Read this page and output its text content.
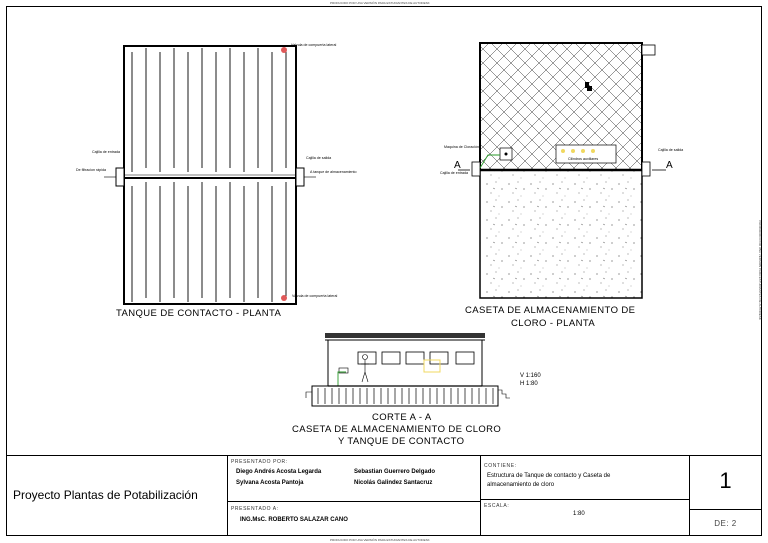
PRODUCIDO POR UNA VERSIÓN PARA ESTUDIANTES DE AUTODESK
PRODUCIDO POR UNA VERSIÓN PARA ESTUDIANTES DE AUTODESK
PRODUCIDO POR UNA VERSIÓN PARA ESTUDIANTES DE AUTODESK
Valvula de compuerta lateral
Valvula de compuerta lateral
Cajilla de entrada
De filtracion rápida
Cajilla de salida
A tanque de almacenamiento
TANQUE DE CONTACTO - PLANTA
Maquina de Cloración
Cajilla de entrada
Cajilla de salida
Cilindros auxiliares
A	A
CASETA DE ALMACENAMIENTO DE
CLORO - PLANTA
V 1:160
H 1:80
CORTE A - A
CASETA DE ALMACENAMIENTO DE CLORO
Y TANQUE DE CONTACTO
Proyecto Plantas de Potabilización
PRESENTADO POR:
Diego Andrés Acosta Legarda	Sebastian Guerrero Delgado
Sylvana Acosta Pantoja	Nicolás Galindez Santacruz
PRESENTADO A:
ING.MsC. ROBERTO SALAZAR CANO
CONTIENE:
Estructura de Tanque de contacto y Caseta de
almacenamiento de cloro
ESCALA:
1:80
1
DE: 2
